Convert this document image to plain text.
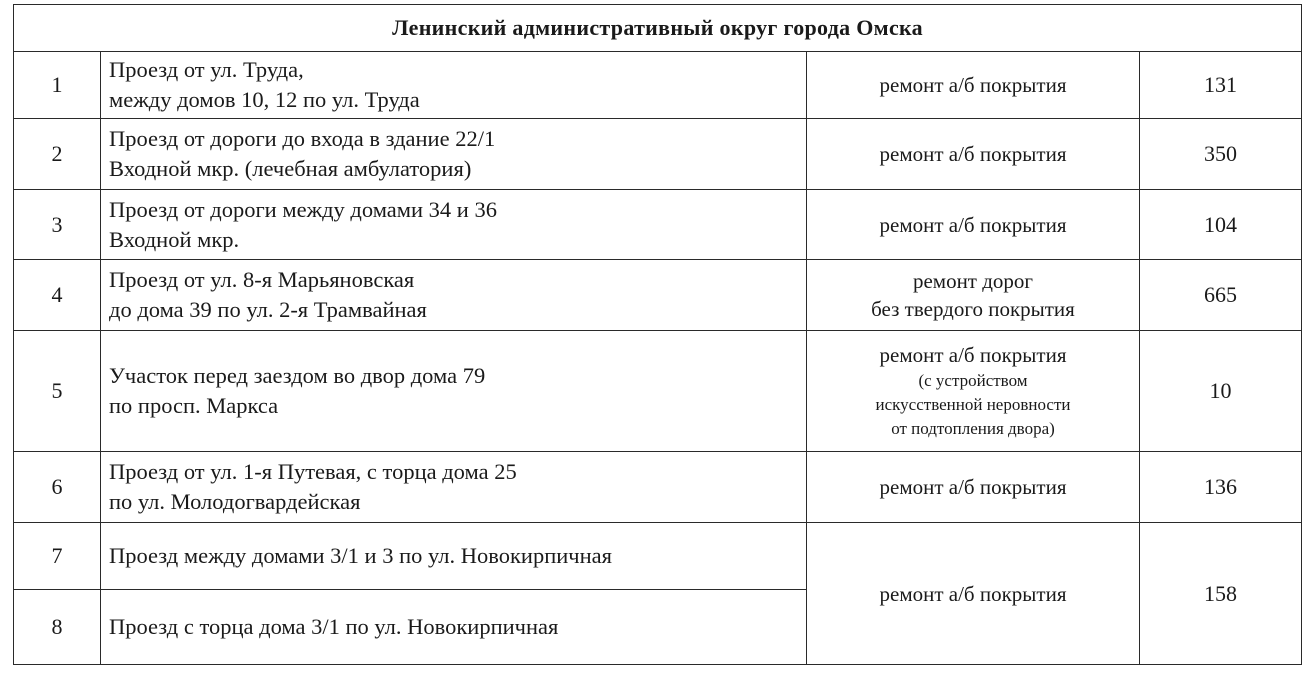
Ленинский административный округ города Омска			
1	Проезд от ул. Труда,
между домов 10, 12 по ул. Труда	ремонт а/б покрытия	131
2	Проезд от дороги до входа в здание 22/1
Входной мкр. (лечебная амбулатория)	ремонт а/б покрытия	350
3	Проезд от дороги между домами 34 и 36
Входной мкр.	ремонт а/б покрытия	104
4	Проезд от ул. 8-я Марьяновская
до дома 39 по ул. 2-я Трамвайная	ремонт дорог
без твердого покрытия	665
5	Участок перед заездом во двор дома 79
по просп. Маркса	ремонт а/б покрытия
(с устройством
искусственной неровности
от подтопления двора)	10
6	Проезд от ул. 1-я Путевая, с торца дома 25
по ул. Молодогвардейская	ремонт а/б покрытия	136
7	Проезд между домами 3/1 и 3 по ул. Новокирпичная	ремонт а/б покрытия	158
8	Проезд с торца дома 3/1 по ул. Новокирпичная		
